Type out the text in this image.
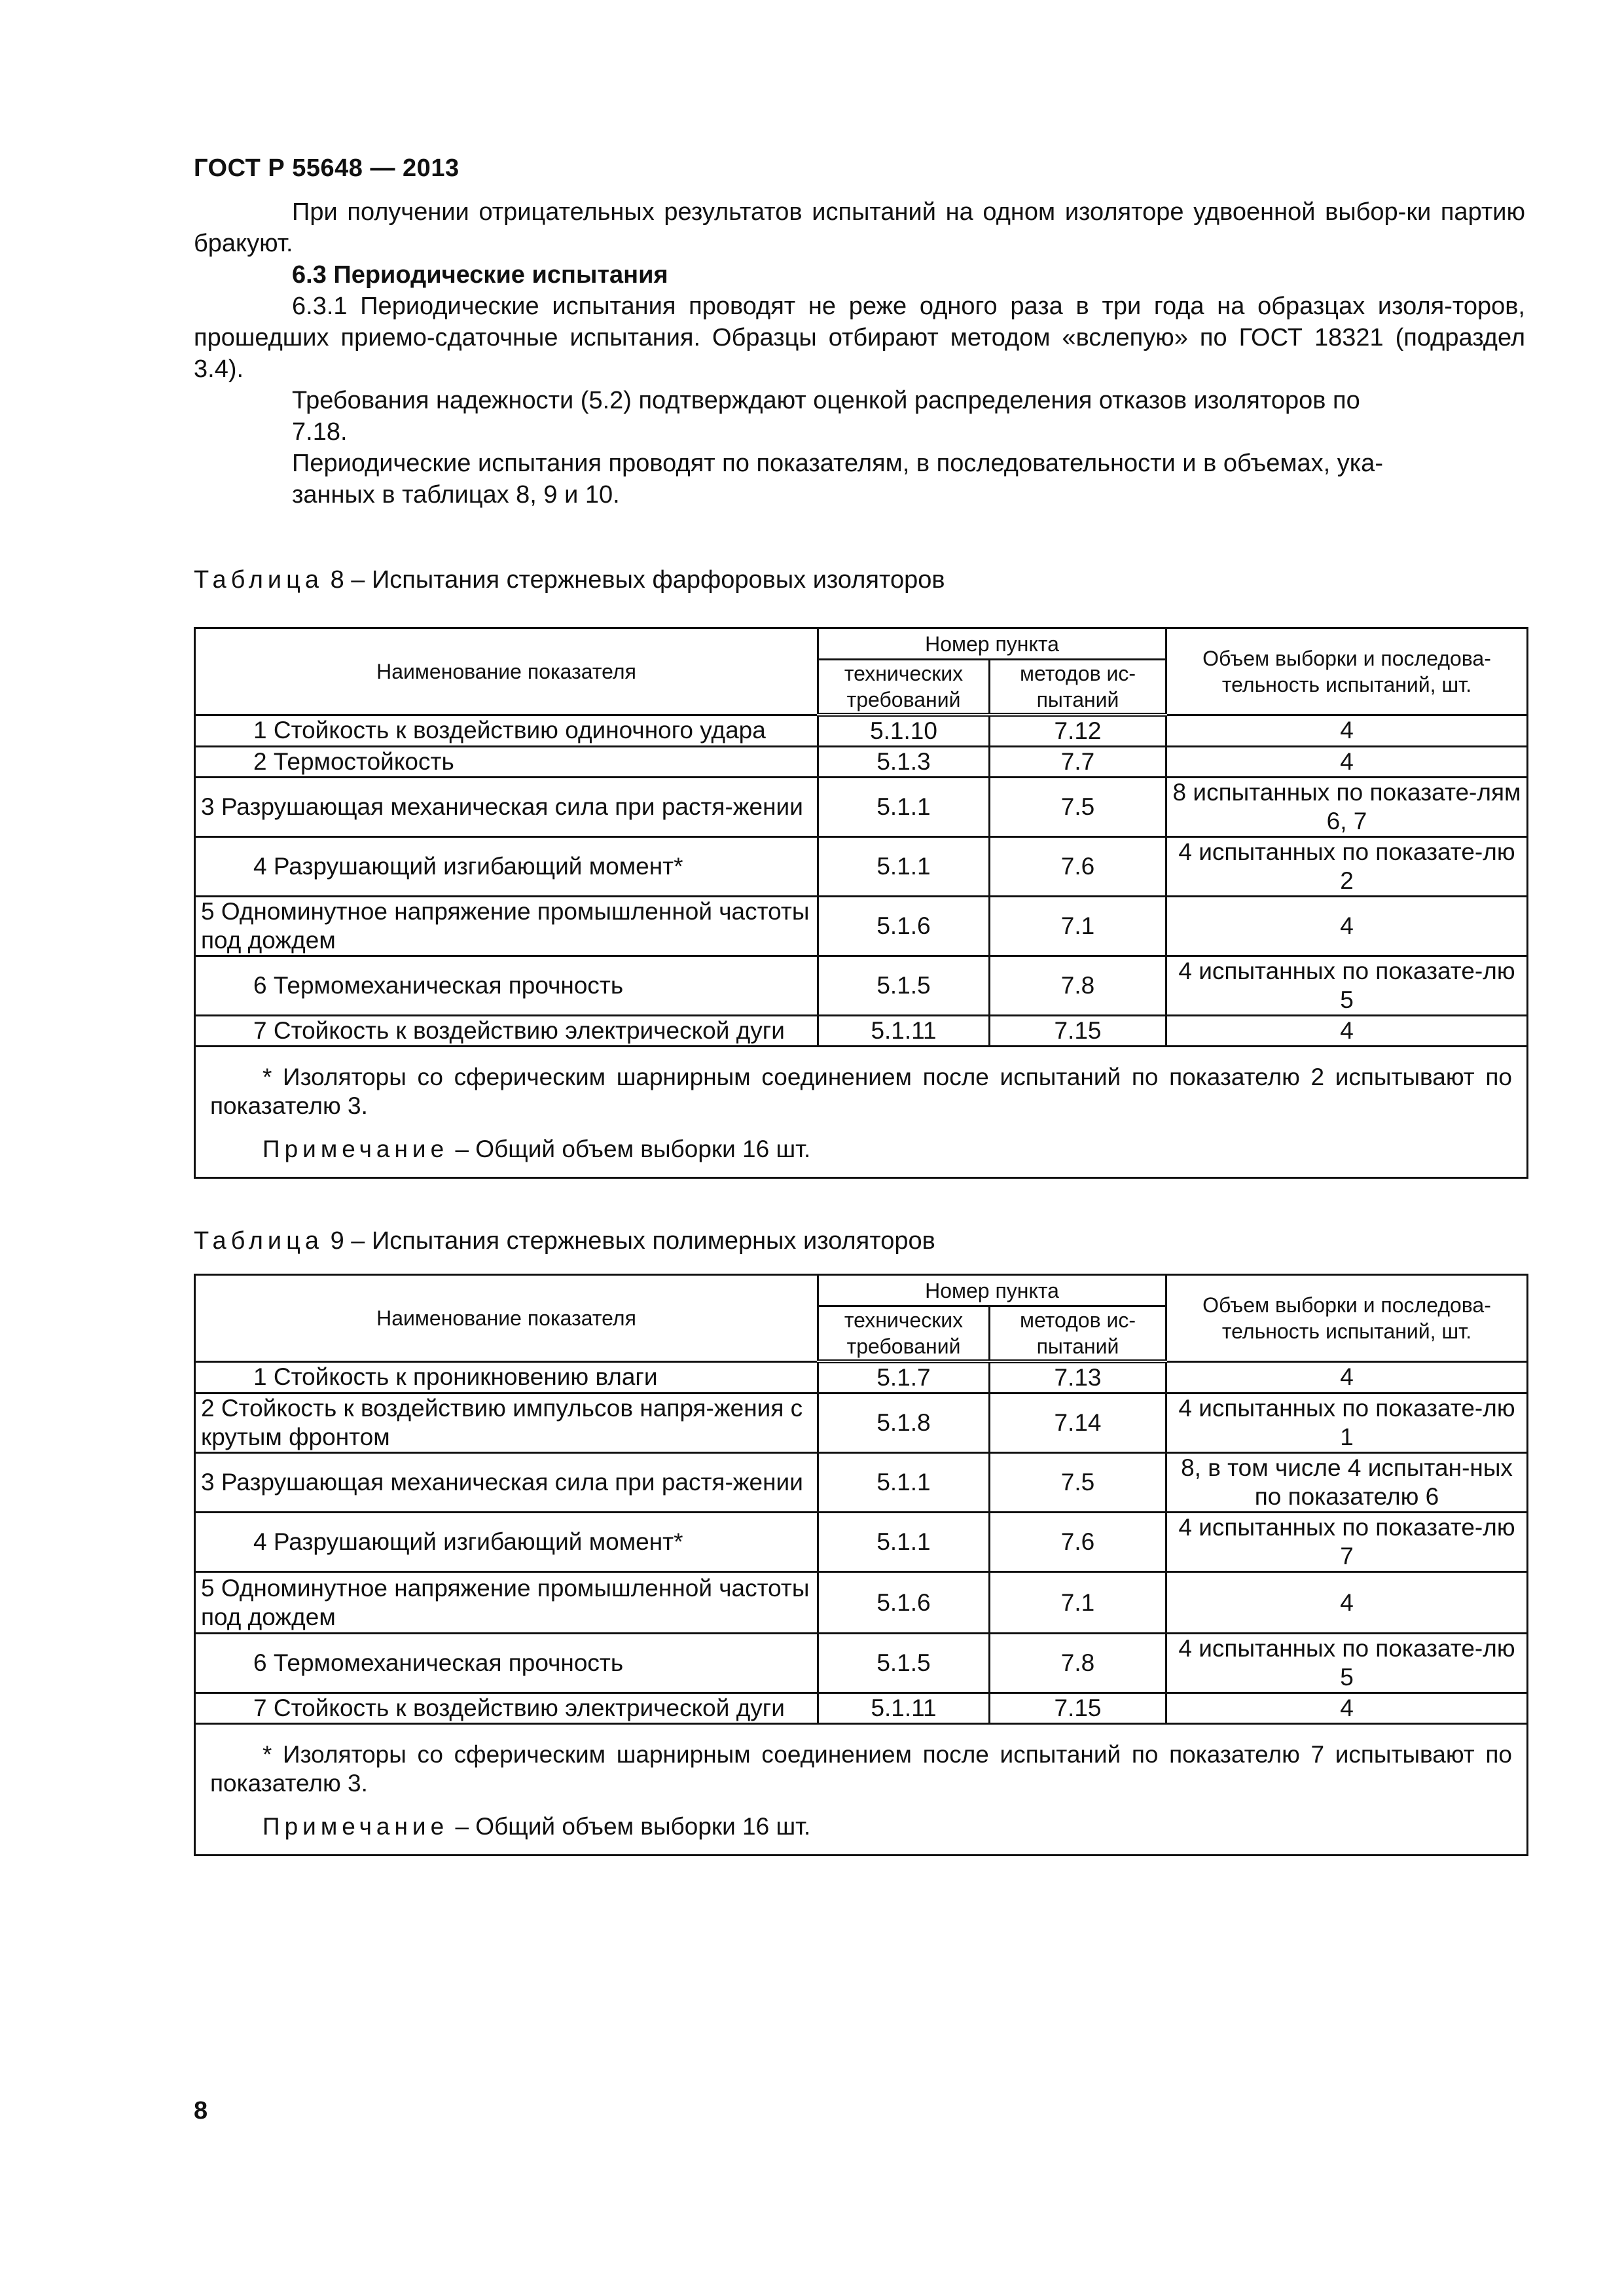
ГОСТ Р 55648 — 2013

При получении отрицательных результатов испытаний на одном изоляторе удвоенной выбор-ки партию бракуют.

6.3 Периодические испытания

6.3.1 Периодические испытания проводят не реже одного раза в три года на образцах изоля-торов, прошедших приемо-сдаточные испытания. Образцы отбирают методом «вслепую» по ГОСТ 18321 (подраздел 3.4).

Требования надежности (5.2) подтверждают оценкой распределения отказов изоляторов по
7.18.

Периодические испытания проводят по показателям, в последовательности и в объемах, ука-
занных в таблицах 8, 9 и 10.

Таблица 8 – Испытания стержневых фарфоровых изоляторов
Наименование показателя	Номер пункта		Объем выборки и последова-тельность испытаний, шт.
	технических требований	методов ис-пытаний	

1 Стойкость к воздействию одиночного удара	5.1.10	7.12	4

2 Термостойкость	5.1.3	7.7	4
3 Разрушающая механическая сила при растя-жении	5.1.1	7.5	8 испытанных по показате-лям 6, 7

4 Разрушающий изгибающий момент*	5.1.1	7.6	4 испытанных по показате-лю 2
5 Одноминутное напряжение промышленной частоты под дождем	5.1.6	7.1	4

6 Термомеханическая прочность	5.1.5	7.8	4 испытанных по показате-лю 5

7 Стойкость к воздействию электрической дуги	5.1.11	7.15	4

* Изоляторы со сферическим шарнирным соединением после испытаний по показателю 2 испытывают по показателю 3.

Примечание – Общий объем выборки 16 шт.			

Таблица 9 – Испытания стержневых полимерных изоляторов
Наименование показателя	Номер пункта		Объем выборки и последова-тельность испытаний, шт.
	технических требований	методов ис-пытаний	

1 Стойкость к проникновению влаги	5.1.7	7.13	4
2 Стойкость к воздействию импульсов напря-жения с крутым фронтом	5.1.8	7.14	4 испытанных по показате-лю 1
3 Разрушающая механическая сила при растя-жении	5.1.1	7.5	8, в том числе 4 испытан-ных по показателю 6

4 Разрушающий изгибающий момент*	5.1.1	7.6	4 испытанных по показате-лю 7
5 Одноминутное напряжение промышленной частоты под дождем	5.1.6	7.1	4

6 Термомеханическая прочность	5.1.5	7.8	4 испытанных по показате-лю 5

7 Стойкость к воздействию электрической дуги	5.1.11	7.15	4

* Изоляторы со сферическим шарнирным соединением после испытаний по показателю 7 испытывают по показателю 3.

Примечание – Общий объем выборки 16 шт.			

8
